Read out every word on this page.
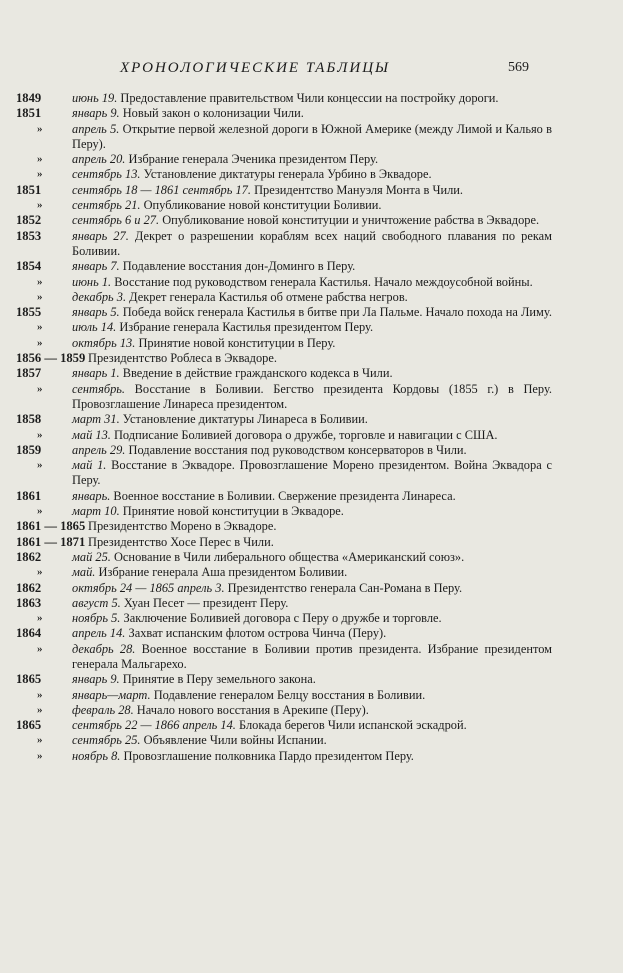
ХРОНОЛОГИЧЕСКИЕ ТАБЛИЦЫ	569
1849	июнь 19. Предоставление правительством Чили концессии на постройку дороги.
1851	январь 9. Новый закон о колонизации Чили.
»	апрель 5. Открытие первой железной дороги в Южной Америке (между Лимой и Кальяо в Перу).
»	апрель 20. Избрание генерала Эченика президентом Перу.
»	сентябрь 13. Установление диктатуры генерала Урбино в Эквадоре.
1851	сентябрь 18 — 1861 сентябрь 17. Президентство Мануэля Монта в Чили.
»	сентябрь 21. Опубликование новой конституции Боливии.
1852	сентябрь 6 и 27. Опубликование новой конституции и уничтожение рабства в Эквадоре.
1853	январь 27. Декрет о разрешении кораблям всех наций свободного плавания по рекам Боливии.
1854	январь 7. Подавление восстания дон-Доминго в Перу.
»	июнь 1. Восстание под руководством генерала Кастилья. Начало междоусобной войны.
»	декабрь 3. Декрет генерала Кастилья об отмене рабства негров.
1855	январь 5. Победа войск генерала Кастилья в битве при Ла Пальме. Начало похода на Лиму.
»	июль 14. Избрание генерала Кастилья президентом Перу.
»	октябрь 13. Принятие новой конституции в Перу.
1856 — 1859 Президентство Роблеса в Эквадоре.
1857	январь 1. Введение в действие гражданского кодекса в Чили.
»	сентябрь. Восстание в Боливии. Бегство президента Кордовы (1855 г.) в Перу. Провозглашение Линареса президентом.
1858	март 31. Установление диктатуры Линареса в Боливии.
»	май 13. Подписание Боливией договора о дружбе, торговле и навигации с США.
1859	апрель 29. Подавление восстания под руководством консерваторов в Чили.
»	май 1. Восстание в Эквадоре. Провозглашение Морено президентом. Война Эквадора с Перу.
1861	январь. Военное восстание в Боливии. Свержение президента Линареса.
»	март 10. Принятие новой конституции в Эквадоре.
1861 — 1865 Президентство Морено в Эквадоре.
1861 — 1871 Президентство Хосе Перес в Чили.
1862	май 25. Основание в Чили либерального общества «Американский союз».
»	май. Избрание генерала Аша президентом Боливии.
1862	октябрь 24 — 1865 апрель 3. Президентство генерала Сан-Романа в Перу.
1863	август 5. Хуан Песет — президент Перу.
»	ноябрь 5. Заключение Боливией договора с Перу о дружбе и торговле.
1864	апрель 14. Захват испанским флотом острова Чинча (Перу).
»	декабрь 28. Военное восстание в Боливии против президента. Избрание президентом генерала Мальгарехо.
1865	январь 9. Принятие в Перу земельного закона.
»	январь—март. Подавление генералом Белцу восстания в Боливии.
»	февраль 28. Начало нового восстания в Арекипе (Перу).
1865	сентябрь 22 — 1866 апрель 14. Блокада берегов Чили испанской эскадрой.
»	сентябрь 25. Объявление Чили войны Испании.
»	ноябрь 8. Провозглашение полковника Пардо президентом Перу.
